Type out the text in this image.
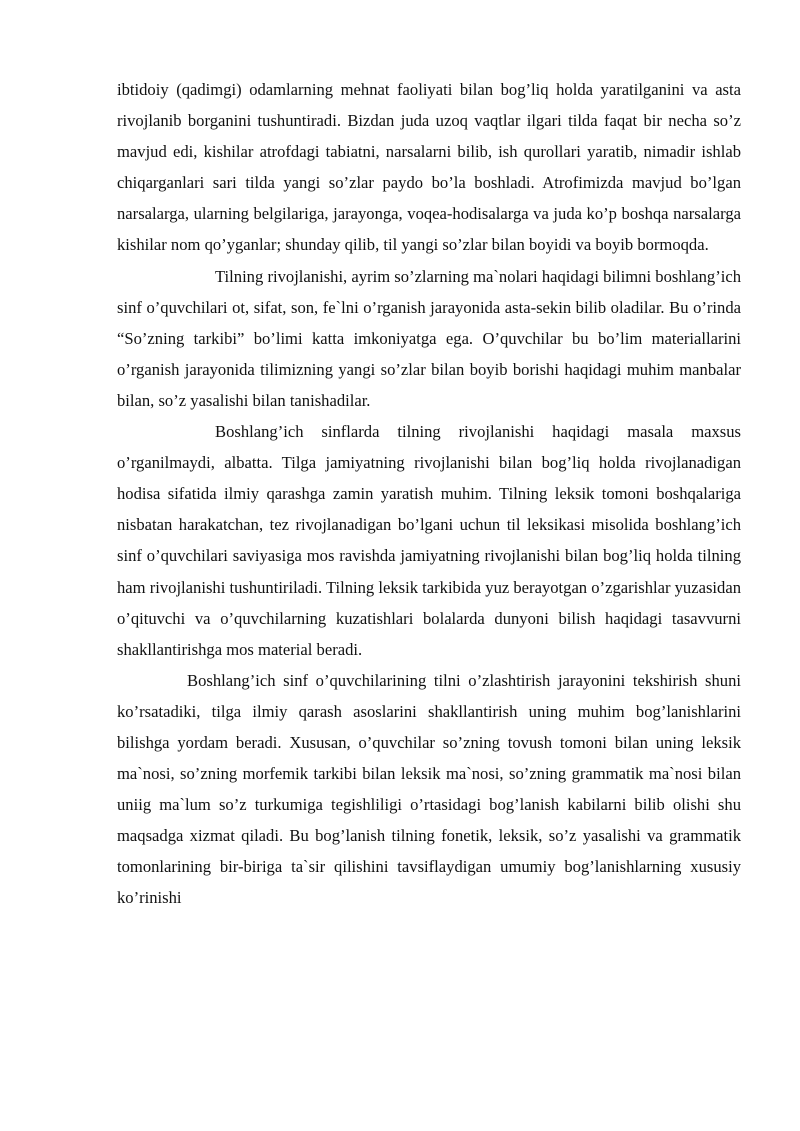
ibtidoiy (qadimgi) odamlarning mehnat faoliyati bilan bog’liq holda yaratilganini va asta rivojlanib borganini tushuntiradi. Bizdan juda uzoq vaqtlar ilgari tilda faqat bir necha so’z mavjud edi, kishilar atrofdagi tabiatni, narsalarni bilib, ish qurollari yaratib, nimadir ishlab chiqarganlari sari tilda yangi so’zlar paydo bo’la boshladi. Atrofimizda mavjud bo’lgan narsalarga, ularning belgilariga, jarayonga, voqea-hodisalarga va juda ko’p boshqa narsalarga kishilar nom qo’yganlar; shunday qilib, til yangi so’zlar bilan boyidi va boyib bormoqda.

Tilning rivojlanishi, ayrim so’zlarning ma`nolari haqidagi bilimni boshlang’ich sinf o’quvchilari ot, sifat, son, fe`lni o’rganish jarayonida asta-sekin bilib oladilar. Bu o’rinda “So’zning tarkibi” bo’limi katta imkoniyatga ega. O’quvchilar bu bo’lim materiallarini o’rganish jarayonida tilimizning yangi so’zlar bilan boyib borishi haqidagi muhim manbalar bilan, so’z yasalishi bilan tanishadilar.

Boshlang’ich sinflarda tilning rivojlanishi haqidagi masala maxsus o’rganilmaydi, albatta. Tilga jamiyatning rivojlanishi bilan bog’liq holda rivojlanadigan hodisa sifatida ilmiy qarashga zamin yaratish muhim. Tilning leksik tomoni boshqalariga nisbatan harakatchan, tez rivojlanadigan bo’lgani uchun til leksikasi misolida boshlang’ich sinf o’quvchilari saviyasiga mos ravishda jamiyatning rivojlanishi bilan bog’liq holda tilning ham rivojlanishi tushuntiriladi. Tilning leksik tarkibida yuz berayotgan o’zgarishlar yuzasidan o’qituvchi va o’quvchilarning kuzatishlari bolalarda dunyoni bilish haqidagi tasavvurni shakllantirishga mos material beradi.

Boshlang’ich sinf o’quvchilarining tilni o’zlashtirish jarayonini tekshirish shuni ko’rsatadiki, tilga ilmiy qarash asoslarini shakllantirish uning muhim bog’lanishlarini bilishga yordam beradi. Xususan, o’quvchilar so’zning tovush tomoni bilan uning leksik ma`nosi, so’zning morfemik tarkibi bilan leksik ma`nosi, so’zning grammatik ma`nosi bilan uniig ma`lum so’z turkumiga tegishliligi o’rtasidagi bog’lanish kabilarni bilib olishi shu maqsadga xizmat qiladi. Bu bog’lanish tilning fonetik, leksik, so’z yasalishi va grammatik tomonlarining bir-biriga ta`sir qilishini tavsiflaydigan umumiy bog’lanishlarning xususiy ko’rinishi
